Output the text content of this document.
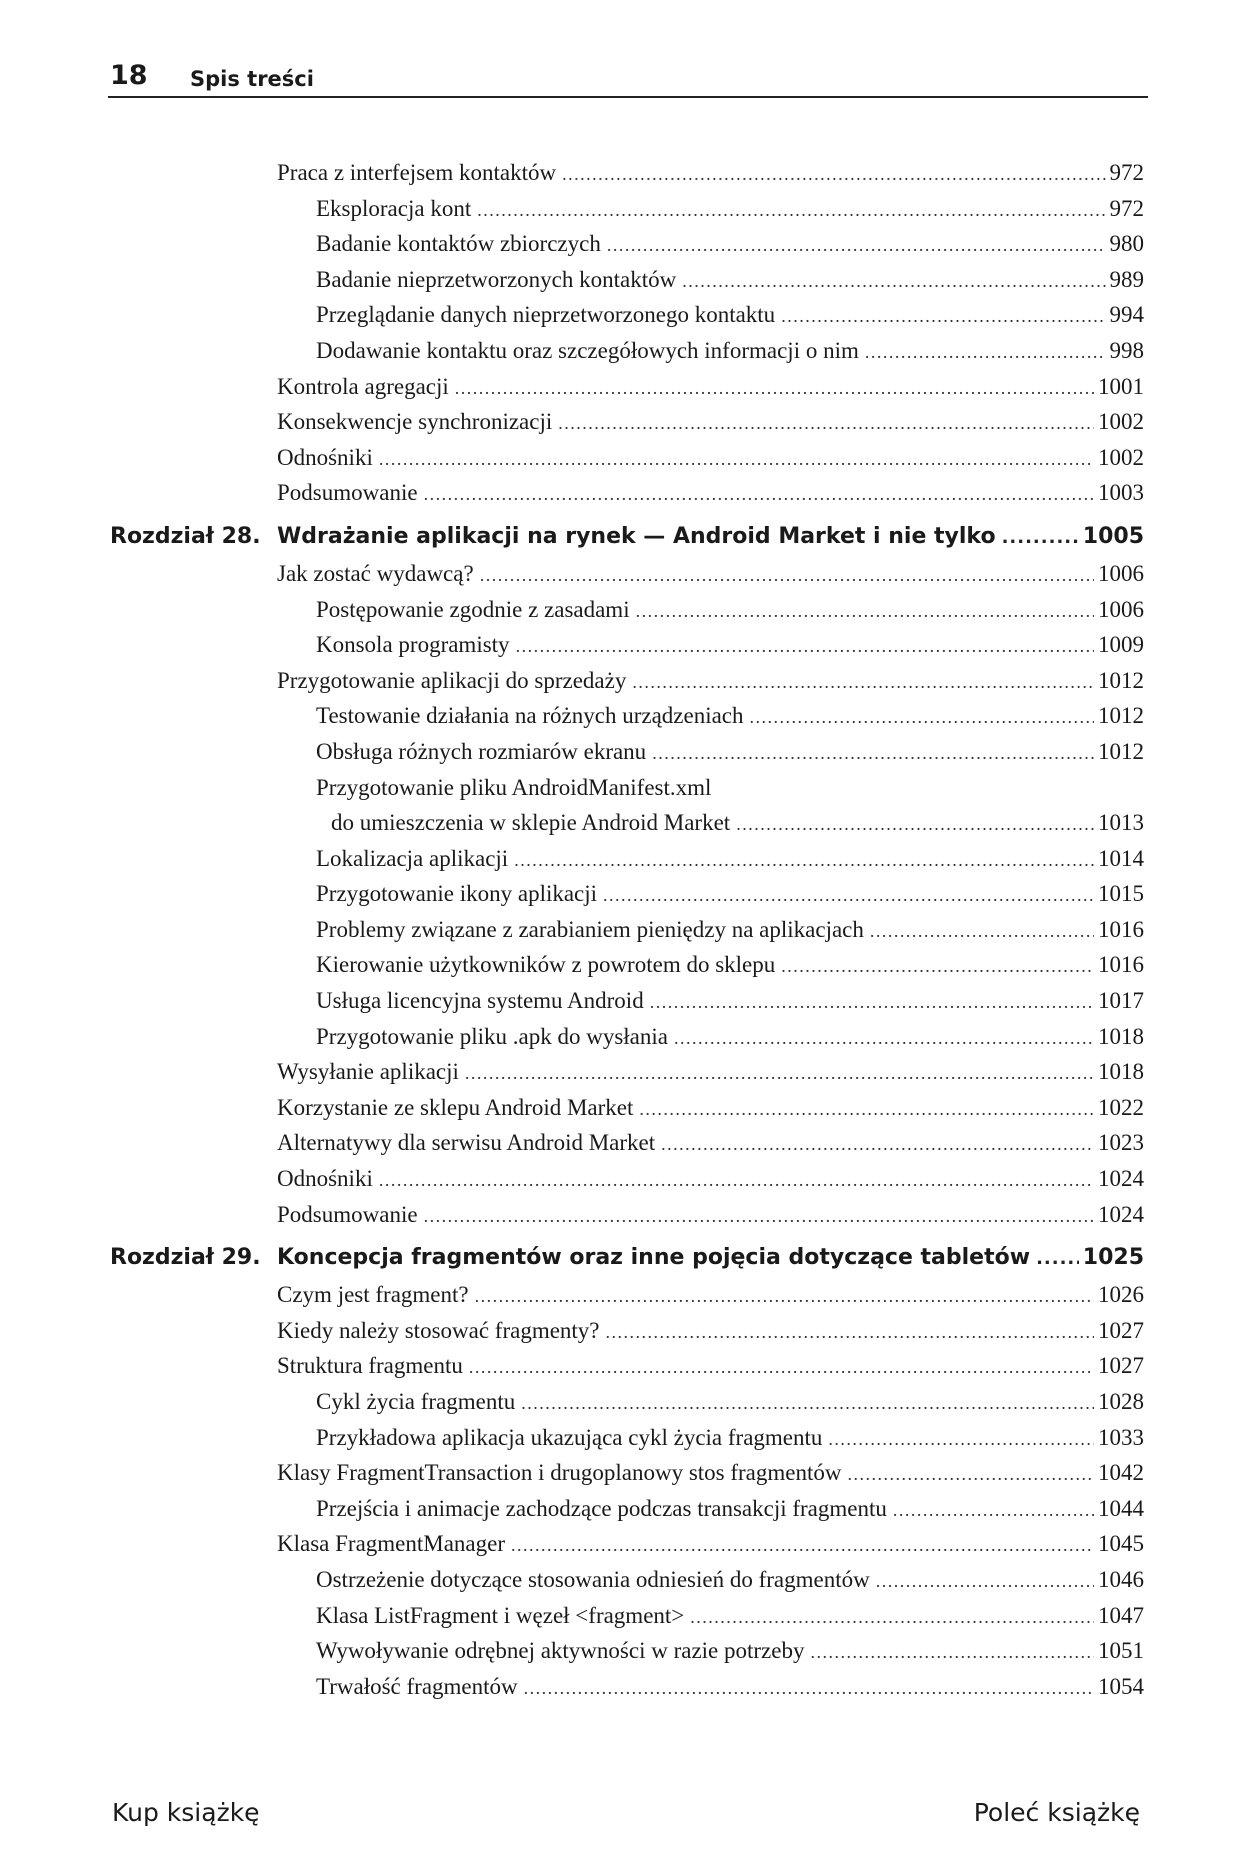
18 Spis treści
Praca z interfejsem kontaktów .....	972
Eksploracja kont .....	972
Badanie kontaktów zbiorczych .....	980
Badanie nieprzetworzonych kontaktów .....	989
Przeglądanie danych nieprzetworzonego kontaktu .....	994
Dodawanie kontaktu oraz szczegółowych informacji o nim .....	998
Kontrola agregacji .....	1001
Konsekwencje synchronizacji .....	1002
Odnośniki .....	1002
Podsumowanie .....	1003
Rozdział 28. Wdrażanie aplikacji na rynek — Android Market i nie tylko .....	1005
Jak zostać wydawcą? .....	1006
Postępowanie zgodnie z zasadami .....	1006
Konsola programisty .....	1009
Przygotowanie aplikacji do sprzedaży .....	1012
Testowanie działania na różnych urządzeniach .....	1012
Obsługa różnych rozmiarów ekranu .....	1012
Przygotowanie pliku AndroidManifest.xml
do umieszczenia w sklepie Android Market .....	1013
Lokalizacja aplikacji .....	1014
Przygotowanie ikony aplikacji .....	1015
Problemy związane z zarabianiem pieniędzy na aplikacjach .....	1016
Kierowanie użytkowników z powrotem do sklepu .....	1016
Usługa licencyjna systemu Android .....	1017
Przygotowanie pliku .apk do wysłania .....	1018
Wysyłanie aplikacji .....	1018
Korzystanie ze sklepu Android Market .....	1022
Alternatywy dla serwisu Android Market .....	1023
Odnośniki .....	1024
Podsumowanie .....	1024
Rozdział 29. Koncepcja fragmentów oraz inne pojęcia dotyczące tabletów ..... 1025
Czym jest fragment? .....	1026
Kiedy należy stosować fragmenty? .....	1027
Struktura fragmentu .....	1027
Cykl życia fragmentu .....	1028
Przykładowa aplikacja ukazująca cykl życia fragmentu .....	1033
Klasy FragmentTransaction i drugoplanowy stos fragmentów .....	1042
Przejścia i animacje zachodzące podczas transakcji fragmentu .....	1044
Klasa FragmentManager .....	1045
Ostrzeżenie dotyczące stosowania odniesień do fragmentów .....	1046
Klasa ListFragment i węzeł <fragment> .....	1047
Wywoływanie odrębnej aktywności w razie potrzeby .....	1051
Trwałość fragmentów .....	1054
Kup książkę	Poleć książkę
